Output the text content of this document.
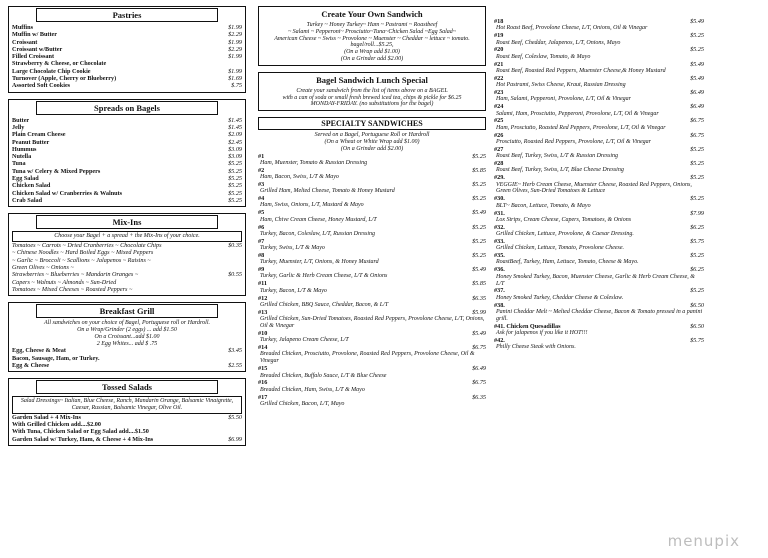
Pastries
Muffins	$1.99
Muffin w/ Butter	$2.29
Croissant	$1.99
Croissant w/Butter	$2.29
Filled Croissant	$1.99
Strawberry & Cheese, or Chocolate
Large Chocolate Chip Cookie	$1.99
Turnover (Apple, Cherry or Blueberry)	$1.69
Assorted Soft Cookies	$.75
Spreads on Bagels
Butter	$1.45
Jelly	$1.45
Plain Cream Cheese	$2.09
Peanut Butter	$2.45
Hummus	$3.09
Nutella	$3.09
Tuna	$5.25
Tuna w/ Celery & Mixed Peppers	$5.25
Egg Salad	$5.25
Chicken Salad	$5.25
Chicken Salad w/ Cranberries & Walnuts	$5.25
Crab Salad	$5.25
Mix-Ins
Choose your Bagel + a spread + the Mix-Ins of your choice.
Tomatoes ~ Carrots ~ Dried Cranberries ~ Chocolate Chips	$0.35
~ Chinese Noodles ~ Hard Boiled Eggs ~ Mixed Peppers
~ Garlic ~ Broccoli ~ Scallions ~ Jalapenos ~ Raisins ~
Green Olives ~ Onions ~
Strawberries ~ Blueberries ~ Mandarin Oranges ~	$0.55
Capers ~ Walnuts ~ Almonds ~ Sun-Dried
Tomatoes ~ Mixed Cheeses ~ Roasted Peppers ~
Breakfast Grill
All sandwiches on your choice of Bagel, Portuguese roll or Hardroll.
On a Wrap/Grinder (2 eggs) ... add $1.50
On a Croissant...add $1.00
2 Egg Whites... add $ .75
Egg, Cheese & Meat	$3.45
Bacon, Sausage, Ham, or Turkey.
Egg & Cheese	$2.55
Tossed Salads
Salad Dressings~ Italian, Blue Cheese, Ranch, Mandarin Orange, Balsamic Vinaigrette, Caesar, Russian, Balsamic Vinegar, Olive Oil.
Garden Salad + 4 Mix-Ins	$5.50
With Grilled Chicken add....$2.00
With Tuna, Chicken Salad or Egg Salad add....$1.50
Garden Salad w/ Turkey, Ham, & Cheese + 4 Mix-Ins	$6.99
Create Your Own Sandwich
Turkey ~ Honey Turkey~ Ham ~ Pastrami ~ Roastbeef
~ Salami ~ Pepperoni~ Prosciutto~Tuna~Chicken Salad ~Egg Salad~
American Cheese ~ Swiss ~ Provolone ~ Muenster ~ Cheddar ~ lettuce ~ tomato.
bagel/roll...$5.25,
(On a Wrap add $1.00)
(On a Grinder add $2.00)
Bagel Sandwich Lunch Special
Create your sandwich from the list of items above on a BAGEL
with a can of soda or small fresh brewed iced tea, chips & pickle for $6.25
MONDAY-FRIDAY. (no substitutions for the bagel)
SPECIALTY SANDWICHES
Served on a Bagel, Portuguese Roll or Hardroll
(On a Wheat or White Wrap add $1.00)
(On a Grinder add $2.00)
#1	$5.25
Ham, Muenster, Tomato & Russian Dressing
#2	$5.85
Ham, Bacon, Swiss, L/T & Mayo
#3	$5.25
Grilled Ham, Melted Cheese, Tomato & Honey Mustard
#4	$5.25
Ham, Swiss, Onions, L/T, Mustard & Mayo
#5	$5.49
Ham, Chive Cream Cheese, Honey Mustard, L/T
#6	$5.25
Turkey, Bacon, Coleslaw, L/T, Russian Dressing
#7	$5.25
Turkey, Swiss, L/T & Mayo
#8	$5.25
Turkey, Muenster, L/T, Onions, & Honey Mustard
#9	$5.49
Turkey, Garlic & Herb Cream Cheese, L/T & Onions
#11	$5.85
Turkey, Bacon, L/T & Mayo
#12	$6.35
Grilled Chicken, BBQ Sauce, Cheddar, Bacon, & L/T
#13	$5.99
Grilled Chicken, Sun-Dried Tomatoes, Roasted Red Peppers, Provolone Cheese, L/T, Onions, Oil & Vinegar
#10	$5.49
Turkey, Jalapeno Cream Cheese, L/T
#14	$6.75
Breaded Chicken, Prosciutto, Provolone, Roasted Red Peppers, Provolone Cheese, Oil & Vinegar
#15	$6.49
Breaded Chicken, Buffalo Sauce, L/T & Blue Cheese
#16	$6.75
Breaded Chicken, Ham, Swiss, L/T & Mayo
#17	$6.35
Grilled Chicken, Bacon, L/T, Mayo
#18	$5.49
Hot Roast Beef, Provolone Cheese, L/T, Onions, Oil & Vinegar
#19	$5.25
Roast Beef, Cheddar, Jalapenos, L/T, Onions, Mayo
#20	$5.25
Roast Beef, Coleslaw, Tomato, & Mayo
#21	$5.49
Roast Beef, Roasted Red Peppers, Muenster Cheese,& Honey Mustard
#22	$5.49
Hot Pastrami, Swiss Cheese, Kraut, Russian Dressing
#23	$6.49
Ham, Salami, Pepperoni, Provolone, L/T, Oil & Vinegar
#24	$6.49
Salami, Ham, Prosciutto, Pepperoni, Provolone, L/T, Oil & Vinegar
#25	$6.75
Ham, Prosciutto, Roasted Red Peppers, Provolone, L/T, Oil & Vinegar
#26	$6.75
Prosciutto, Roasted Red Peppers, Provolone, L/T, Oil & Vinegar
#27	$5.25
Roast Beef, Turkey, Swiss, L/T & Russian Dressing
#28	$5.25
Roast Beef, Turkey, Swiss, L/T, Blue Cheese Dressing
#29.	$5.25
VEGGIE~ Herb Cream Cheese, Muenster Cheese, Roasted Red Peppers, Onions, Green Olives, Sun-Dried Tomatoes & Lettuce
#30.	$5.25
BLT~ Bacon, Lettuce, Tomato, & Mayo
#31.	$7.99
Lox Strips, Cream Cheese, Capers, Tomatoes, & Onions
#32.	$6.25
Grilled Chicken, Lettuce, Provolone, & Caesar Dressing.
#33.	$5.75
Grilled Chicken, Lettuce, Tomato, Provolone Cheese.
#35.	$5.25
RoastBeef, Turkey, Ham, Lettuce, Tomato, Cheese & Mayo.
#36.	$6.25
Honey Smoked Turkey, Bacon, Muenster Cheese, Garlic & Herb Cream Cheese, & L/T
#37.	$5.25
Honey Smoked Turkey, Cheddar Cheese & Coleslaw.
#38.	$6.50
Panini Cheddar Melt ~ Melted Cheddar Cheese, Bacon & Tomato pressed in a panini grill.
#41. Chicken Quesadillas	$6.50
Ask for jalapenos if you like it HOT!!!
#42.	$5.75
Philly Cheese Steak with Onions.
menupix
